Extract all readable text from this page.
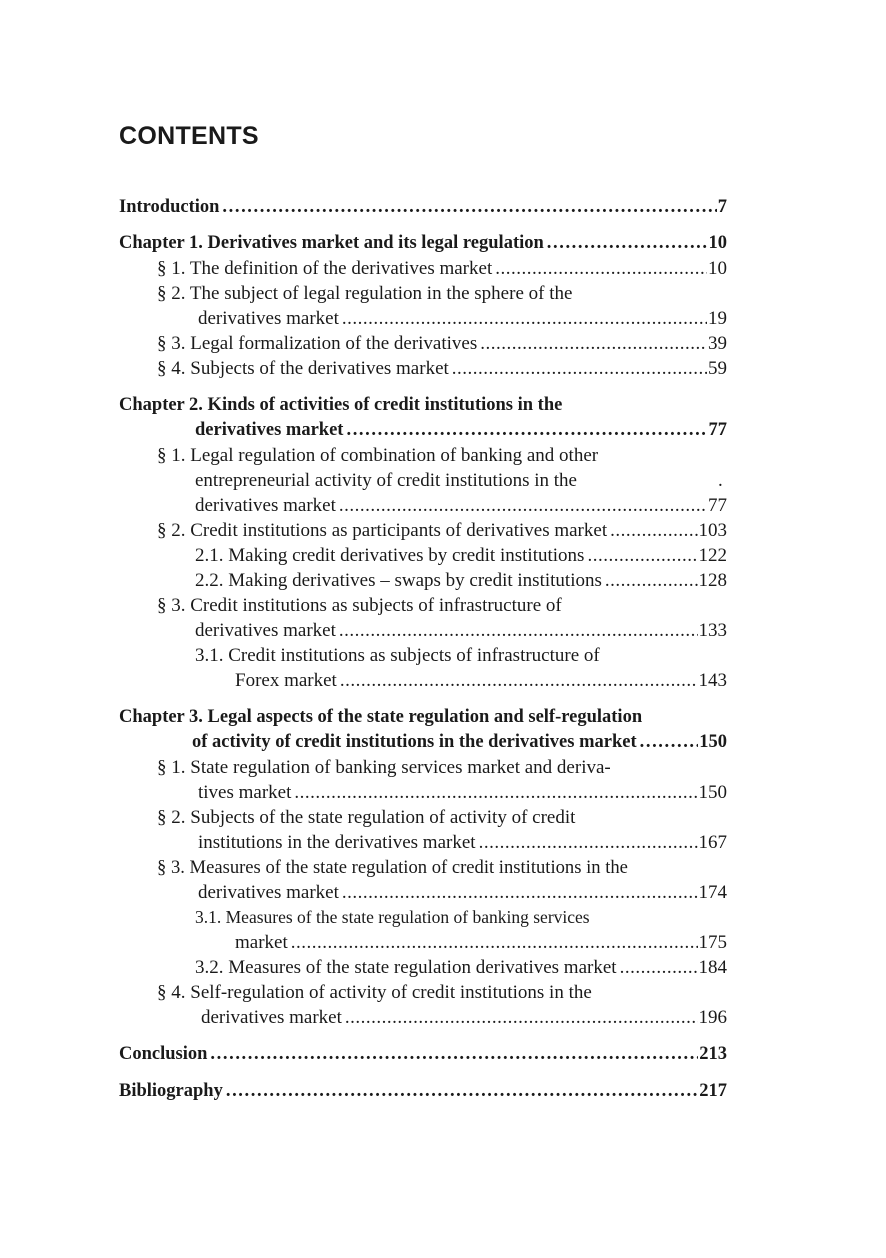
CONTENTS
Introduction .....	7
Chapter 1. Derivatives market and its legal regulation .....	10
§ 1. The definition of the derivatives market .....	10
§ 2. The subject of legal regulation in the sphere of the
derivatives market .....	19
§ 3. Legal formalization of the derivatives .....	39
§ 4. Subjects of the derivatives market .....	59
Chapter 2. Kinds of activities of credit institutions in the
derivatives market .....	77
§ 1. Legal regulation of combination of banking and other
entrepreneurial activity of credit institutions in the	.
derivatives market .....	77
§ 2. Credit institutions as participants of derivatives market .....	103
2.1. Making credit derivatives by credit institutions .....	122
2.2. Making derivatives – swaps by credit institutions .....	128
§ 3. Credit institutions as subjects of infrastructure of
derivatives market .....	133
3.1. Credit institutions as subjects of infrastructure of
Forex market .....	143
Chapter 3. Legal aspects of the state regulation and self-regulation
of activity of credit institutions in the derivatives market .....	150
§ 1. State regulation of banking services market and deriva-
tives market .....	150
§ 2. Subjects of the state regulation of activity of credit
institutions in the derivatives market .....	167
§ 3. Measures of the state regulation of credit institutions in the
derivatives market .....	174
3.1. Measures of the state regulation of banking services
market .....	175
3.2. Measures of the state regulation derivatives market .....	184
§ 4. Self-regulation of activity of credit institutions in the
derivatives market .....	196
Conclusion .....	213
Bibliography .....	217
